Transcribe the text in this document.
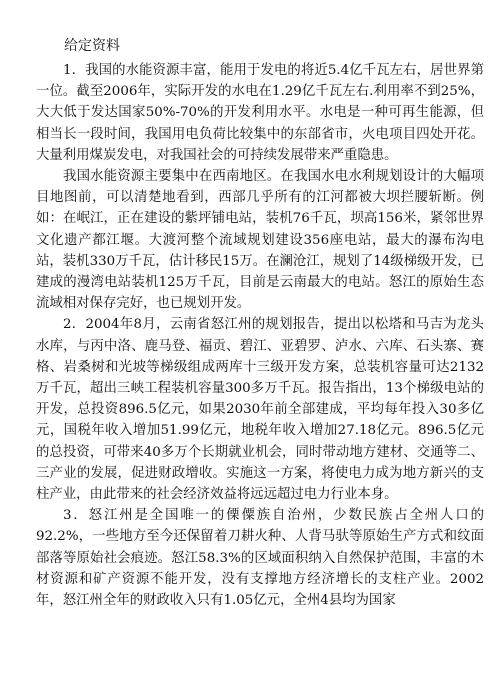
给定资料

1．我国的水能资源丰富，能用于发电的将近5.4亿千瓦左右，居世界第一位。截至2006年，实际开发的水电在1.29亿千瓦左右.利用率不到25%，大大低于发达国家50%-70%的开发利用水平。水电是一种可再生能源，但相当长一段时间，我国用电负荷比较集中的东部省市，火电项目四处开花。大量利用煤炭发电，对我国社会的可持续发展带来严重隐患。

我国水能资源主要集中在西南地区。在我国水电水利规划设计的大幅项目地图前，可以清楚地看到，西部几乎所有的江河都被大坝拦腰斩断。例如：在岷江，正在建设的紫坪铺电站，装机76千瓦，坝高156米，紧邻世界文化遗产都江堰。大渡河整个流域规划建设356座电站，最大的瀑布沟电站，装机330万千瓦，估计移民15万。在澜沧江，规划了14级梯级开发，已建成的漫湾电站装机125万千瓦，目前是云南最大的电站。怒江的原始生态流域相对保存完好，也已规划开发。

2．2004年8月，云南省怒江州的规划报告，提出以松塔和马吉为龙头水库，与丙中洛、鹿马登、福贡、碧江、亚碧罗、泸水、六库、石头寨、赛格、岩桑树和光坡等梯级组成两库十三级开发方案，总装机容量可达2132万千瓦，超出三峡工程装机容量300多万千瓦。报告指出，13个梯级电站的开发，总投资896.5亿元，如果2030年前全部建成，平均每年投入30多亿元，国税年收入增加51.99亿元，地税年收入增加27.18亿元。896.5亿元的总投资，可带来40多万个长期就业机会，同时带动地方建材、交通等二、三产业的发展，促进财政增收。实施这一方案，将使电力成为地方新兴的支柱产业，由此带来的社会经济效益将远远超过电力行业本身。

3．怒江州是全国唯一的傈僳族自治州，少数民族占全州人口的92.2%，一些地方至今还保留着刀耕火种、人背马驮等原始生产方式和纹面部落等原始社会痕迹。怒江58.3%的区域面积纳入自然保护范围，丰富的木材资源和矿产资源不能开发，没有支撑地方经济增长的支柱产业。2002年，怒江州全年的财政收入只有1.05亿元，全州4县均为国家
